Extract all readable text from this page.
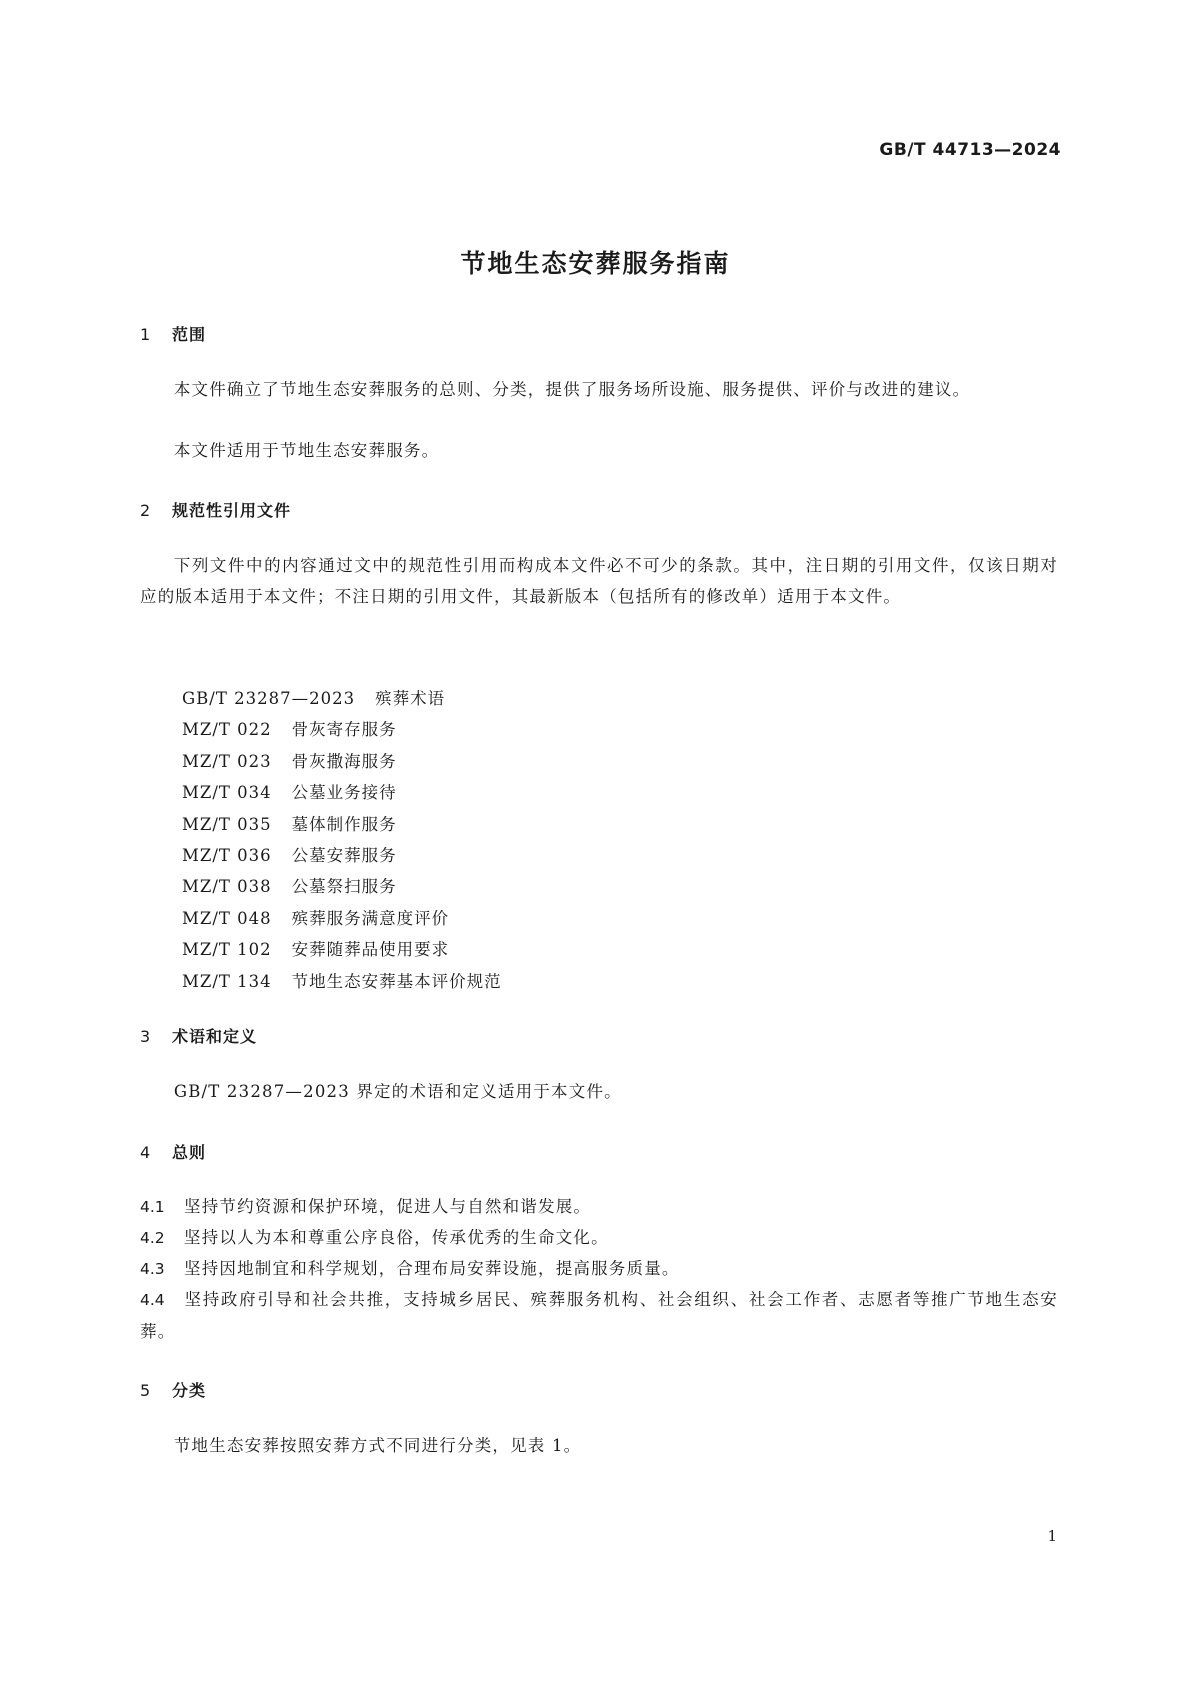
GB/T 44713—2024
节地生态安葬服务指南
1 范围

本文件确立了节地生态安葬服务的总则、分类，提供了服务场所设施、服务提供、评价与改进的建议。

本文件适用于节地生态安葬服务。

2 规范性引用文件

下列文件中的内容通过文中的规范性引用而构成本文件必不可少的条款。其中，注日期的引用文件，仅该日期对应的版本适用于本文件；不注日期的引用文件，其最新版本（包括所有的修改单）适用于本文件。

GB/T 23287—2023 殡葬术语
MZ/T 022 骨灰寄存服务
MZ/T 023 骨灰撒海服务
MZ/T 034 公墓业务接待
MZ/T 035 墓体制作服务
MZ/T 036 公墓安葬服务
MZ/T 038 公墓祭扫服务
MZ/T 048 殡葬服务满意度评价
MZ/T 102 安葬随葬品使用要求
MZ/T 134 节地生态安葬基本评价规范
3 术语和定义

GB/T 23287—2023 界定的术语和定义适用于本文件。

4 总则

4.1 坚持节约资源和保护环境，促进人与自然和谐发展。

4.2 坚持以人为本和尊重公序良俗，传承优秀的生命文化。

4.3 坚持因地制宜和科学规划，合理布局安葬设施，提高服务质量。

4.4 坚持政府引导和社会共推，支持城乡居民、殡葬服务机构、社会组织、社会工作者、志愿者等推广节地生态安葬。

5 分类

节地生态安葬按照安葬方式不同进行分类，见表 1。

1
